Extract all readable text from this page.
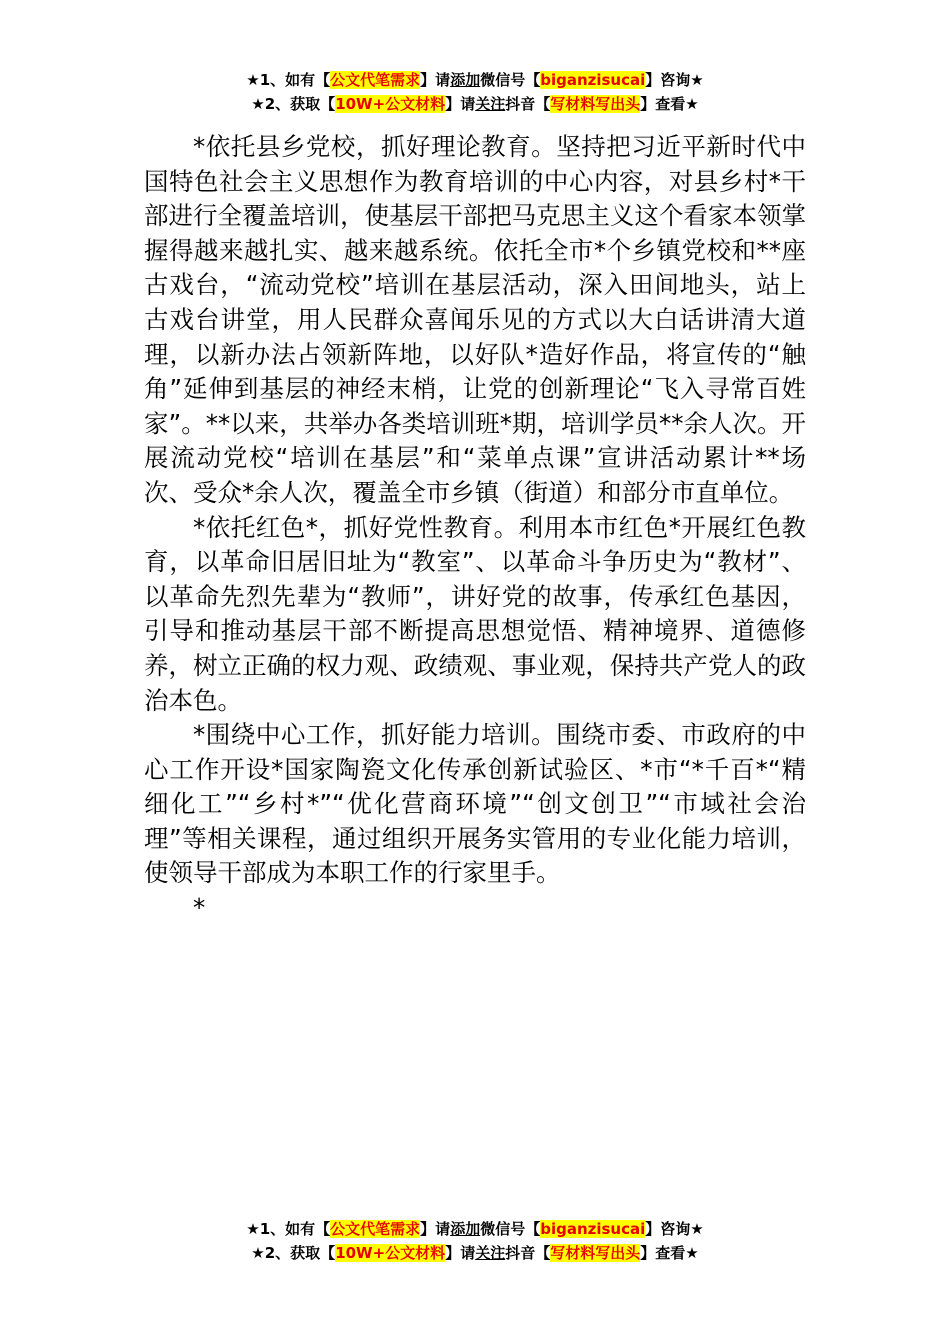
★1、如有【公文代笔需求】请添加微信号【biganzisucai】咨询★
★2、获取【10W+公文材料】请关注抖音【写材料写出头】查看★

*依托县乡党校，抓好理论教育。坚持把习近平新时代中国特色社会主义思想作为教育培训的中心内容，对县乡村*干部进行全覆盖培训，使基层干部把马克思主义这个看家本领掌握得越来越扎实、越来越系统。依托全市*个乡镇党校和**座古戏台，“流动党校”培训在基层活动，深入田间地头，站上古戏台讲堂，用人民群众喜闻乐见的方式以大白话讲清大道理，以新办法占领新阵地，以好队*造好作品，将宣传的“触角”延伸到基层的神经末梢，让党的创新理论“飞入寻常百姓家”。**以来，共举办各类培训班*期，培训学员**余人次。开展流动党校“培训在基层”和“菜单点课”宣讲活动累计**场次、受众*余人次，覆盖全市乡镇（街道）和部分市直单位。

*依托红色*，抓好党性教育。利用本市红色*开展红色教育，以革命旧居旧址为“教室”、以革命斗争历史为“教材”、以革命先烈先辈为“教师”，讲好党的故事，传承红色基因，引导和推动基层干部不断提高思想觉悟、精神境界、道德修养，树立正确的权力观、政绩观、事业观，保持共产党人的政治本色。

*围绕中心工作，抓好能力培训。围绕市委、市政府的中心工作开设*国家陶瓷文化传承创新试验区、*市“*千百*“精细化工”“乡村*”“优化营商环境”“创文创卫”“市域社会治理”等相关课程，通过组织开展务实管用的专业化能力培训，使领导干部成为本职工作的行家里手。

*

★1、如有【公文代笔需求】请添加微信号【biganzisucai】咨询★
★2、获取【10W+公文材料】请关注抖音【写材料写出头】查看★
